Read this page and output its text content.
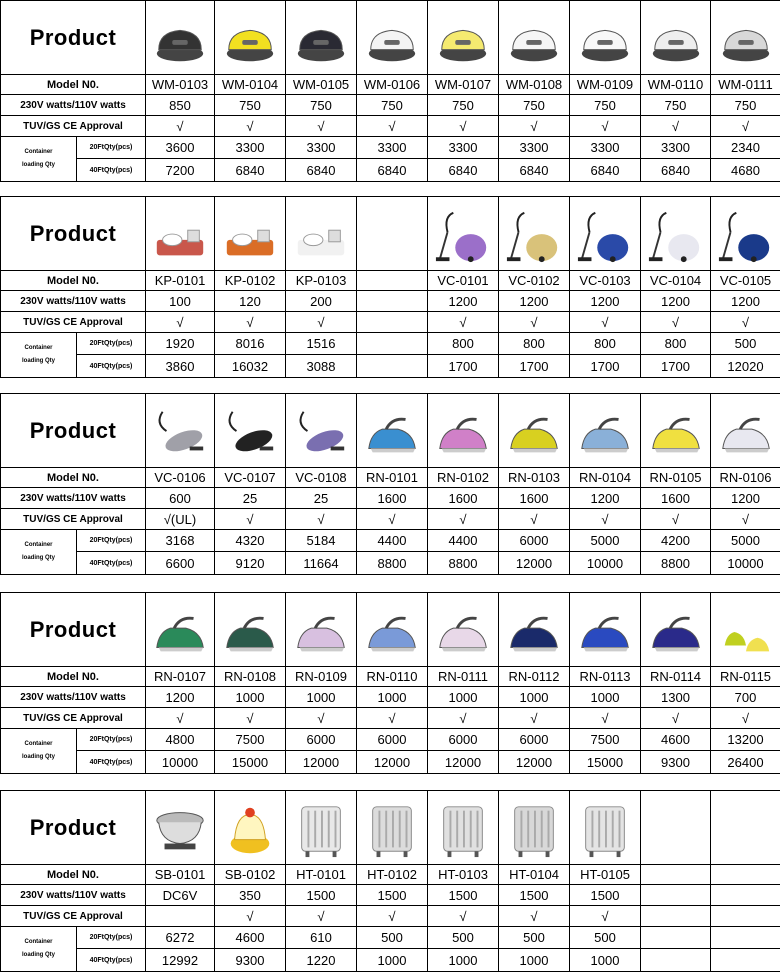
Product	

Model N0.		WM-0103	WM-0104	WM-0105	WM-0106	WM-0107	WM-0108	WM-0109	WM-0110	WM-0111
230V watts/110V watts		850	750	750	750	750	750	750	750	750
TUV/GS CE Approval		√	√	√	√	√	√	√	√	√

Container
loading Qty	20FtQty(pcs)	3600	3300	3300	3300	3300	3300	3300	3300	2340
	40FtQty(pcs)	7200	6840	6840	6840	6840	6840	6840	6840	4680
Product	

Model N0.		KP-0101	KP-0102	KP-0103		VC-0101	VC-0102	VC-0103	VC-0104	VC-0105
230V watts/110V watts		100	120	200		1200	1200	1200	1200	1200
TUV/GS CE Approval		√	√	√		√	√	√	√	√

Container
loading Qty	20FtQty(pcs)	1920	8016	1516		800	800	800	800	500
	40FtQty(pcs)	3860	16032	3088		1700	1700	1700	1700	12020
Product	

Model N0.		VC-0106	VC-0107	VC-0108	RN-0101	RN-0102	RN-0103	RN-0104	RN-0105	RN-0106
230V watts/110V watts		600	25	25	1600	1600	1600	1200	1600	1200
TUV/GS CE Approval		√(UL)	√	√	√	√	√	√	√	√

Container
loading Qty	20FtQty(pcs)	3168	4320	5184	4400	4400	6000	5000	4200	5000
	40FtQty(pcs)	6600	9120	11664	8800	8800	12000	10000	8800	10000
Product	

Model N0.		RN-0107	RN-0108	RN-0109	RN-0110	RN-0111	RN-0112	RN-0113	RN-0114	RN-0115
230V watts/110V watts		1200	1000	1000	1000	1000	1000	1000	1300	700
TUV/GS CE Approval		√	√	√	√	√	√	√	√	√

Container
loading Qty	20FtQty(pcs)	4800	7500	6000	6000	6000	6000	7500	4600	13200
	40FtQty(pcs)	10000	15000	12000	12000	12000	12000	15000	9300	26400
Product	

Model N0.		SB-0101	SB-0102	HT-0101	HT-0102	HT-0103	HT-0104	HT-0105		
230V watts/110V watts		DC6V	350	1500	1500	1500	1500	1500		
TUV/GS CE Approval			√	√	√	√	√	√		

Container
loading Qty	20FtQty(pcs)	6272	4600	610	500	500	500	500		
	40FtQty(pcs)	12992	9300	1220	1000	1000	1000	1000		
